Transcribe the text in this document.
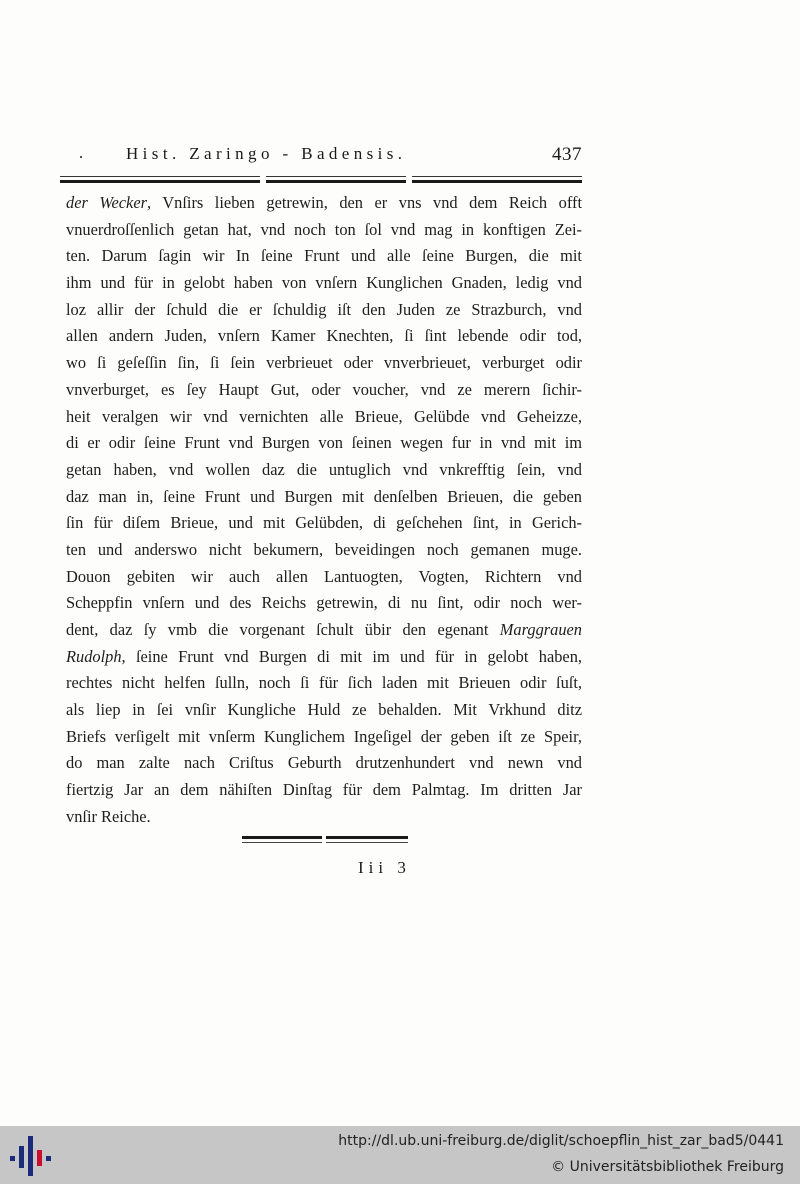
Hist. Zaringo - Badensis.	437
der Wecker, Vnſirs lieben getrewin, den er vns vnd dem Reich offt
vnuerdroſſenlich getan hat, vnd noch ton ſol vnd mag in konftigen Zei-
ten. Darum ſagin wir In ſeine Frunt und alle ſeine Burgen, die mit
ihm und für in gelobt haben von vnſern Kunglichen Gnaden, ledig vnd
loz allir der ſchuld die er ſchuldig iſt den Juden ze Strazburch, vnd
allen andern Juden, vnſern Kamer Knechten, ſi ſint lebende odir tod,
wo ſi geſeſſin ſin, ſi ſein verbrieuet oder vnverbrieuet, verburget odir
vnverburget, es ſey Haupt Gut, oder voucher, vnd ze merern ſichir-
heit veralgen wir vnd vernichten alle Brieue, Gelübde vnd Geheizze,
di er odir ſeine Frunt vnd Burgen von ſeinen wegen fur in vnd mit im
getan haben, vnd wollen daz die untuglich vnd vnkrefftig ſein, vnd
daz man in, ſeine Frunt und Burgen mit denſelben Brieuen, die geben
ſin für diſem Brieue, und mit Gelübden, di geſchehen ſint, in Gerich-
ten und anderswo nicht bekumern, beveidingen noch gemanen muge.
Douon gebiten wir auch allen Lantuogten, Vogten, Richtern vnd
Scheppfin vnſern und des Reichs getrewin, di nu ſint, odir noch wer-
dent, daz ſy vmb die vorgenant ſchult übir den egenant Marggrauen
Rudolph, ſeine Frunt vnd Burgen di mit im und für in gelobt haben,
rechtes nicht helfen ſulln, noch ſi für ſich laden mit Brieuen odir ſuſt,
als liep in ſei vnſir Kungliche Huld ze behalden. Mit Vrkhund ditz
Briefs verſigelt mit vnſerm Kunglichem Ingeſigel der geben iſt ze Speir,
do man zalte nach Criſtus Geburth drutzenhundert vnd newn vnd
fiertzig Jar an dem nähiſten Dinſtag für dem Palmtag. Im dritten Jar
vnſir Reiche.
Iii 3
http://dl.ub.uni-freiburg.de/diglit/schoepflin_hist_zar_bad5/0441
© Universitätsbibliothek Freiburg
